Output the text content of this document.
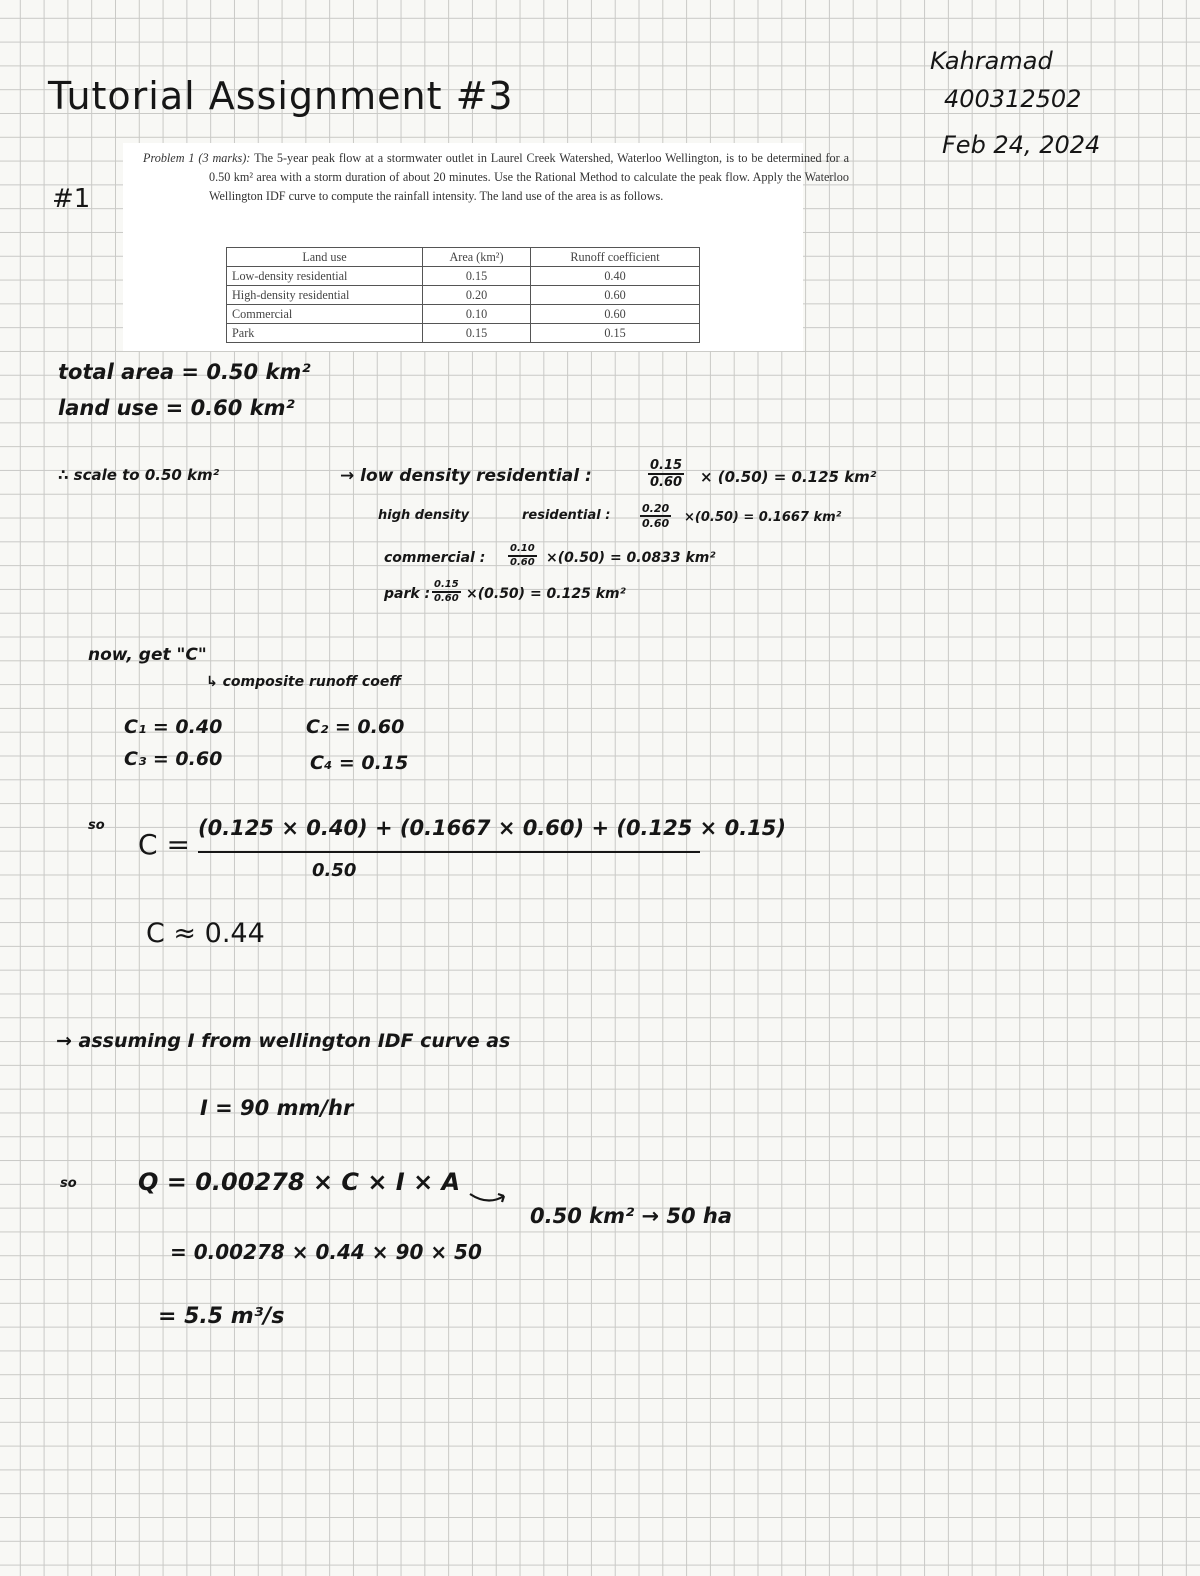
Tutorial Assignment #3
Kahramad
400312502
Feb 24, 2024
#1
Problem 1 (3 marks): The 5-year peak flow at a stormwater outlet in Laurel Creek Watershed, Waterloo Wellington, is to be determined for a 0.50 km² area with a storm duration of about 20 minutes. Use the Rational Method to calculate the peak flow. Apply the Waterloo Wellington IDF curve to compute the rainfall intensity. The land use of the area is as follows.
Land use	Area (km²)	Runoff coefficient
Low-density residential	0.15	0.40
High-density residential	0.20	0.60
Commercial	0.10	0.60
Park	0.15	0.15
total area = 0.50 km²
land use = 0.60 km²
∴ scale to 0.50 km²	→ low density residential :	$\frac{0.15}{0.60} \times (0.50) = 0.125$ km²
high density	residential :	$\frac{0.20}{0.60} \times(0.50) = 0.1667$ km²
commercial : $\frac{0.10}{0.60} \times(0.50) = 0.0833$ km²
park : $\frac{0.15}{0.60} \times(0.50) = 0.125$ km²
now, get "C"
↳ composite runoff coeff
C₁ = 0.40	C₂ = 0.60
C₃ = 0.60	C₄ = 0.15
so
C = (0.125 × 0.40) + (0.1667 × 0.60) + (0.125 × 0.15)
0.50
C ≈ 0.44
→ assuming I from wellington IDF curve as
I = 90 mm/hr
so	Q = 0.00278 × C × I × A
0.50 km² → 50 ha
= 0.00278 × 0.44 × 90 × 50
= 5.5 m³/s
